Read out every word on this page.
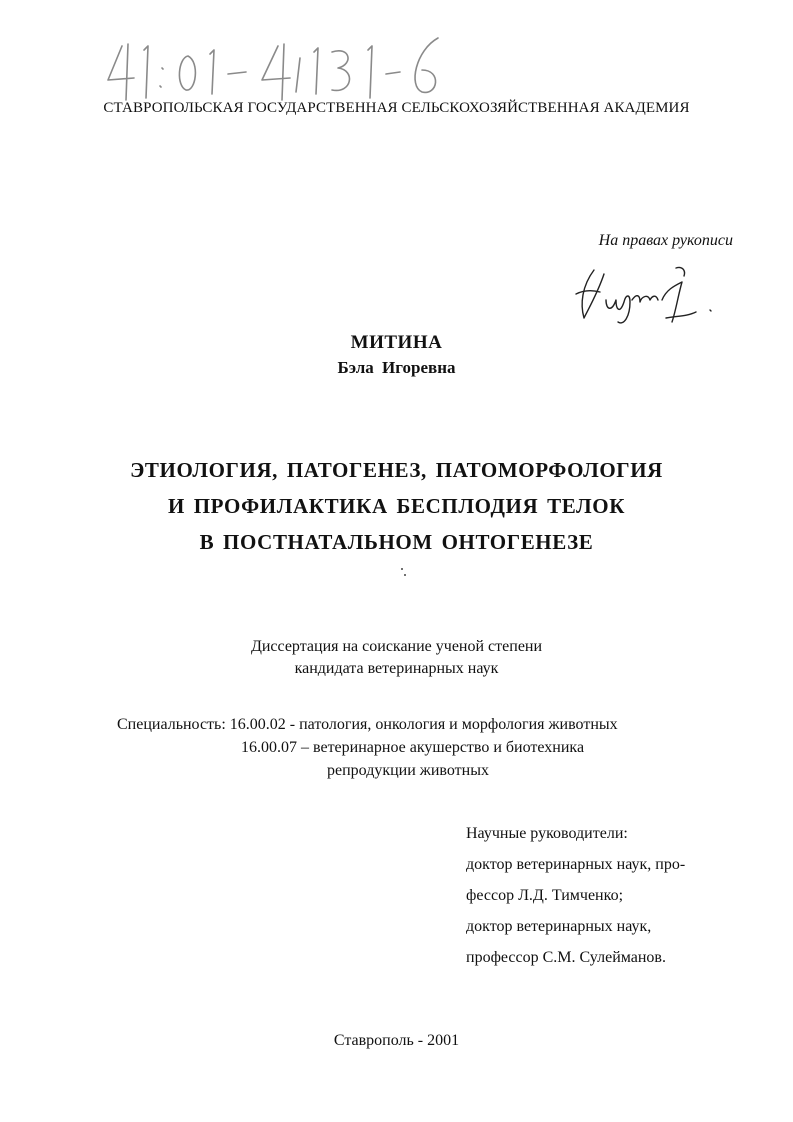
СТАВРОПОЛЬСКАЯ ГОСУДАРСТВЕННАЯ СЕЛЬСКОХОЗЯЙСТВЕННАЯ АКАДЕМИЯ
На правах рукописи
МИТИНА
Бэла Игоревна
ЭТИОЛОГИЯ, ПАТОГЕНЕЗ, ПАТОМОРФОЛОГИЯ
И ПРОФИЛАКТИКА БЕСПЛОДИЯ ТЕЛОК
В ПОСТНАТАЛЬНОМ ОНТОГЕНЕЗЕ
Диссертация на соискание ученой степени
кандидата ветеринарных наук
Специальность: 16.00.02 - патология, онкология и морфология животных
16.00.07 – ветеринарное акушерство и биотехника
репродукции животных
Научные руководители:
доктор ветеринарных наук, про-
фессор Л.Д. Тимченко;
доктор ветеринарных наук,
профессор С.М. Сулейманов.
Ставрополь - 2001
